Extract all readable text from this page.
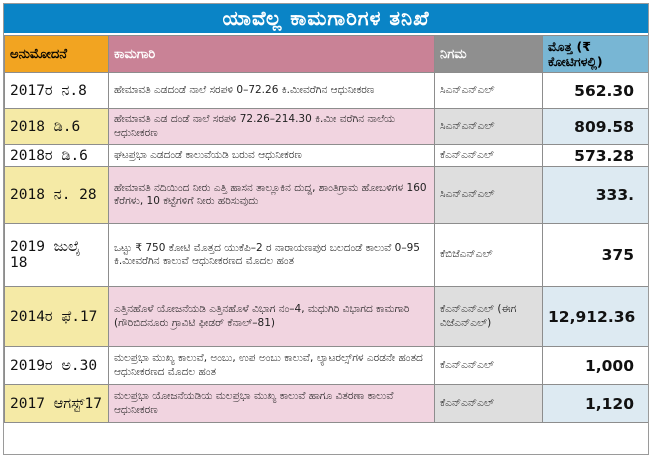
ಯಾವೆಲ್ಲ ಕಾಮಗಾರಿಗಳ ತನಿಖೆ
ಅನುಮೋದನೆ	ಕಾಮಗಾರಿ	ನಿಗಮ	ಮೊತ್ತ (₹ ಕೋಟಿಗಳಲ್ಲಿ)
2017ರ ನ.8	ಹೇಮಾವತಿ ಎಡದಂಡೆ ನಾಲೆ ಸರಪಳಿ 0–72.26 ಕಿ.ಮೀವರೆಗಿನ ಆಧುನೀಕರಣ	ಸಿಎನ್‌ಎನ್‌ಎಲ್	562.30
2018 ಡಿ.6	ಹೇಮಾವತಿ ಎಡ ದಂಡೆ ನಾಲೆ ಸರಪಳಿ 72.26–214.30 ಕಿ.ಮೀ ವರೆಗಿನ ನಾಲೆಯ ಆಧುನೀಕರಣ	ಸಿಎನ್‌ಎನ್‌ಎಲ್	809.58
2018ರ ಡಿ.6	ಘಟಪ್ರಭಾ ಎಡದಂಡೆ ಕಾಲುವೆಯಡಿ ಬರುವ ಆಧುನೀಕರಣ	ಕೆಎನ್‌ಎನ್‌ಎಲ್	573.28
2018 ನ. 28	ಹೇಮಾವತಿ ನದಿಯಿಂದ ನೀರು ಎತ್ತಿ ಹಾಸನ ತಾಲ್ಲೂಕಿನ ದುದ್ದ, ಶಾಂತಿಗ್ರಾಮ ಹೋಬಳಿಗಳ 160 ಕೆರೆಗಳು, 10 ಕಟ್ಟೆಗಳಿಗೆ ನೀರು ಹರಿಸುವುದು	ಸಿಎನ್‌ಎನ್‌ಎಲ್	333.
2019 ಜುಲೈ 18	ಒಟ್ಟು ₹ 750 ಕೋಟಿ ಮೊತ್ತದ ಯುಕೆಪಿ–2 ರ ನಾರಾಯಣಪುರ ಬಲದಂಡೆ ಕಾಲುವೆ 0–95 ಕಿ.ಮೀವರೆಗಿನ ಕಾಲುವೆ ಆಧುನೀಕರಣದ ಮೊದಲ ಹಂತ	ಕೆಬಿಜೆಎನ್‌ಎಲ್	375
2014ರ ಫೆ.17	ಎತ್ತಿನಹೊಳೆ ಯೋಜನೆಯಡಿ ಎತ್ತಿನಹೊಳೆ ವಿಭಾಗ ನಂ–4, ಮಧುಗಿರಿ ವಿಭಾಗದ ಕಾಮಗಾರಿ (ಗೌರಿಬಿದನೂರು ಗ್ರಾವಿಟಿ ಫೀಡರ್ ಕೆನಾಲ್–81)	ಕೆಎನ್‌ಎನ್‌ಎಲ್ (ಈಗ ವಿಜೆಎನ್‌ಎಲ್)	12,912.36
2019ರ ಅ.30	ಮಲಪ್ರಭಾ ಮುಖ್ಯ ಕಾಲುವೆ, ಅಂಬು, ಉಪ ಅಂಬು ಕಾಲುವೆ, ಲ್ಯಾಟರಲ್ಸ್‌ಗಳ ಎರಡನೇ ಹಂತದ ಆಧುನೀಕರಣದ ಮೊದಲ ಹಂತ	ಕೆಎನ್‌ಎನ್‌ಎಲ್	1,000
2017 ಆಗಸ್ಟ್17	ಮಲಪ್ರಭಾ ಯೋಜನೆಯಡಿಯ ಮಲಪ್ರಭಾ ಮುಖ್ಯ ಕಾಲುವೆ ಹಾಗೂ ವಿತರಣಾ ಕಾಲುವೆ ಆಧುನೀಕರಣ	ಕೆಎನ್‌ಎನ್‌ಎಲ್	1,120
